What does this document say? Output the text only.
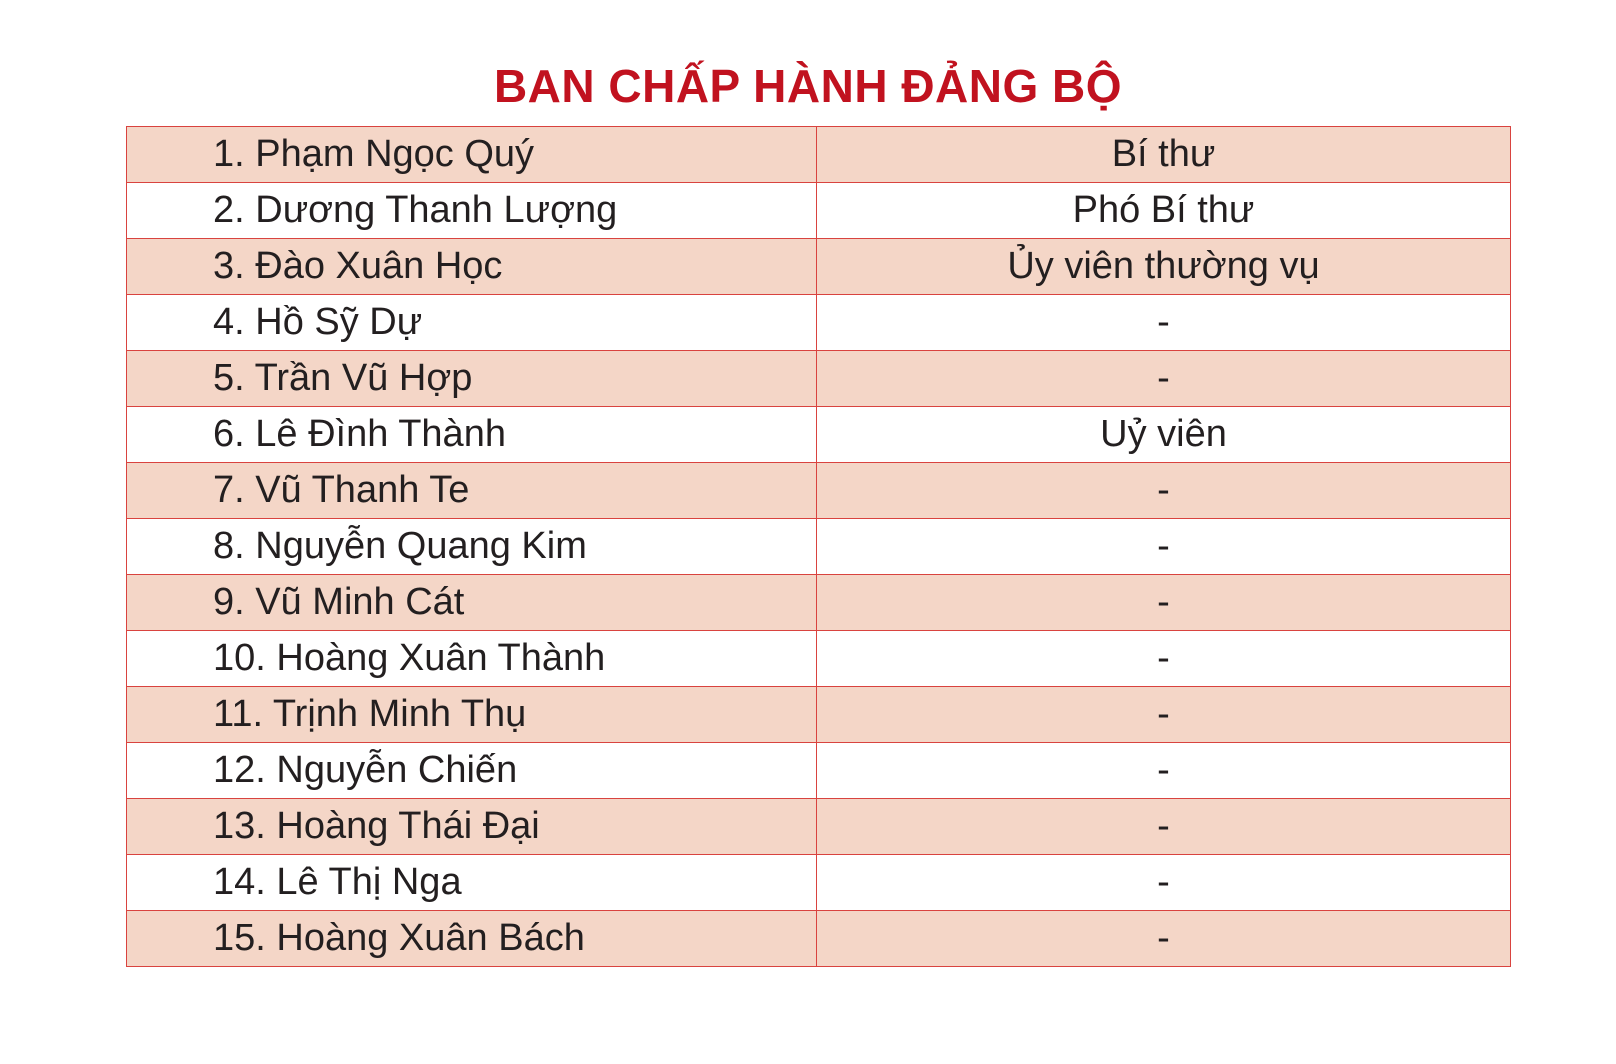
BAN CHẤP HÀNH ĐẢNG BỘ
1. Phạm Ngọc Quý	Bí thư
2. Dương Thanh Lượng	Phó Bí thư
3. Đào Xuân Học	Ủy viên thường vụ
4. Hồ Sỹ Dự	-
5. Trần Vũ Hợp	-
6. Lê Đình Thành	Uỷ viên
7. Vũ Thanh Te	-
8. Nguyễn Quang Kim	-
9. Vũ Minh Cát	-
10. Hoàng Xuân Thành	-
11. Trịnh Minh Thụ	-
12. Nguyễn Chiến	-
13. Hoàng Thái Đại	-
14. Lê Thị Nga	-
15. Hoàng Xuân Bách	-
